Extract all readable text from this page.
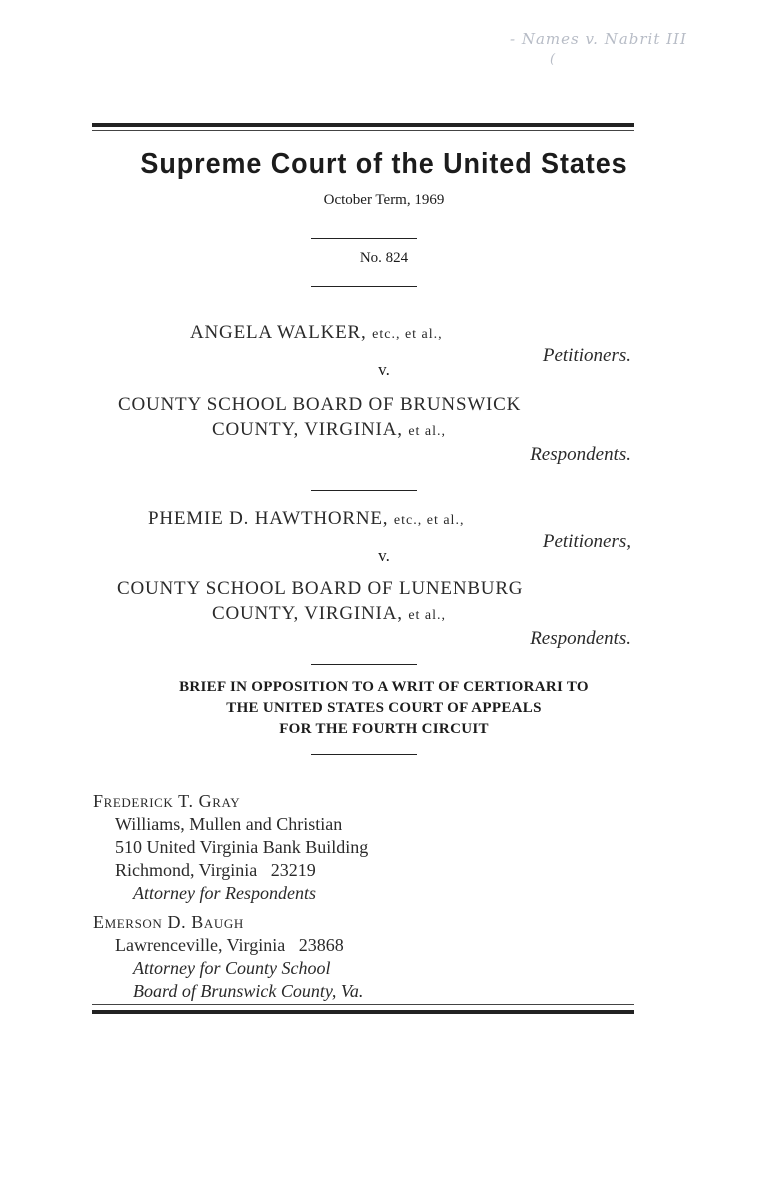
- Names v. Nabrit III
(
Supreme Court of the United States
October Term, 1969
No. 824
ANGELA WALKER, etc., et al.,
Petitioners.
v.
COUNTY SCHOOL BOARD OF BRUNSWICK
COUNTY, VIRGINIA, et al.,
Respondents.
PHEMIE D. HAWTHORNE, etc., et al.,
Petitioners,
v.
COUNTY SCHOOL BOARD OF LUNENBURG
COUNTY, VIRGINIA, et al.,
Respondents.
BRIEF IN OPPOSITION TO A WRIT OF CERTIORARI TO
THE UNITED STATES COURT OF APPEALS
FOR THE FOURTH CIRCUIT
Frederick T. Gray
Williams, Mullen and Christian
510 United Virginia Bank Building
Richmond, Virginia   23219
Attorney for Respondents
Emerson D. Baugh
Lawrenceville, Virginia   23868
Attorney for County School
Board of Brunswick County, Va.
